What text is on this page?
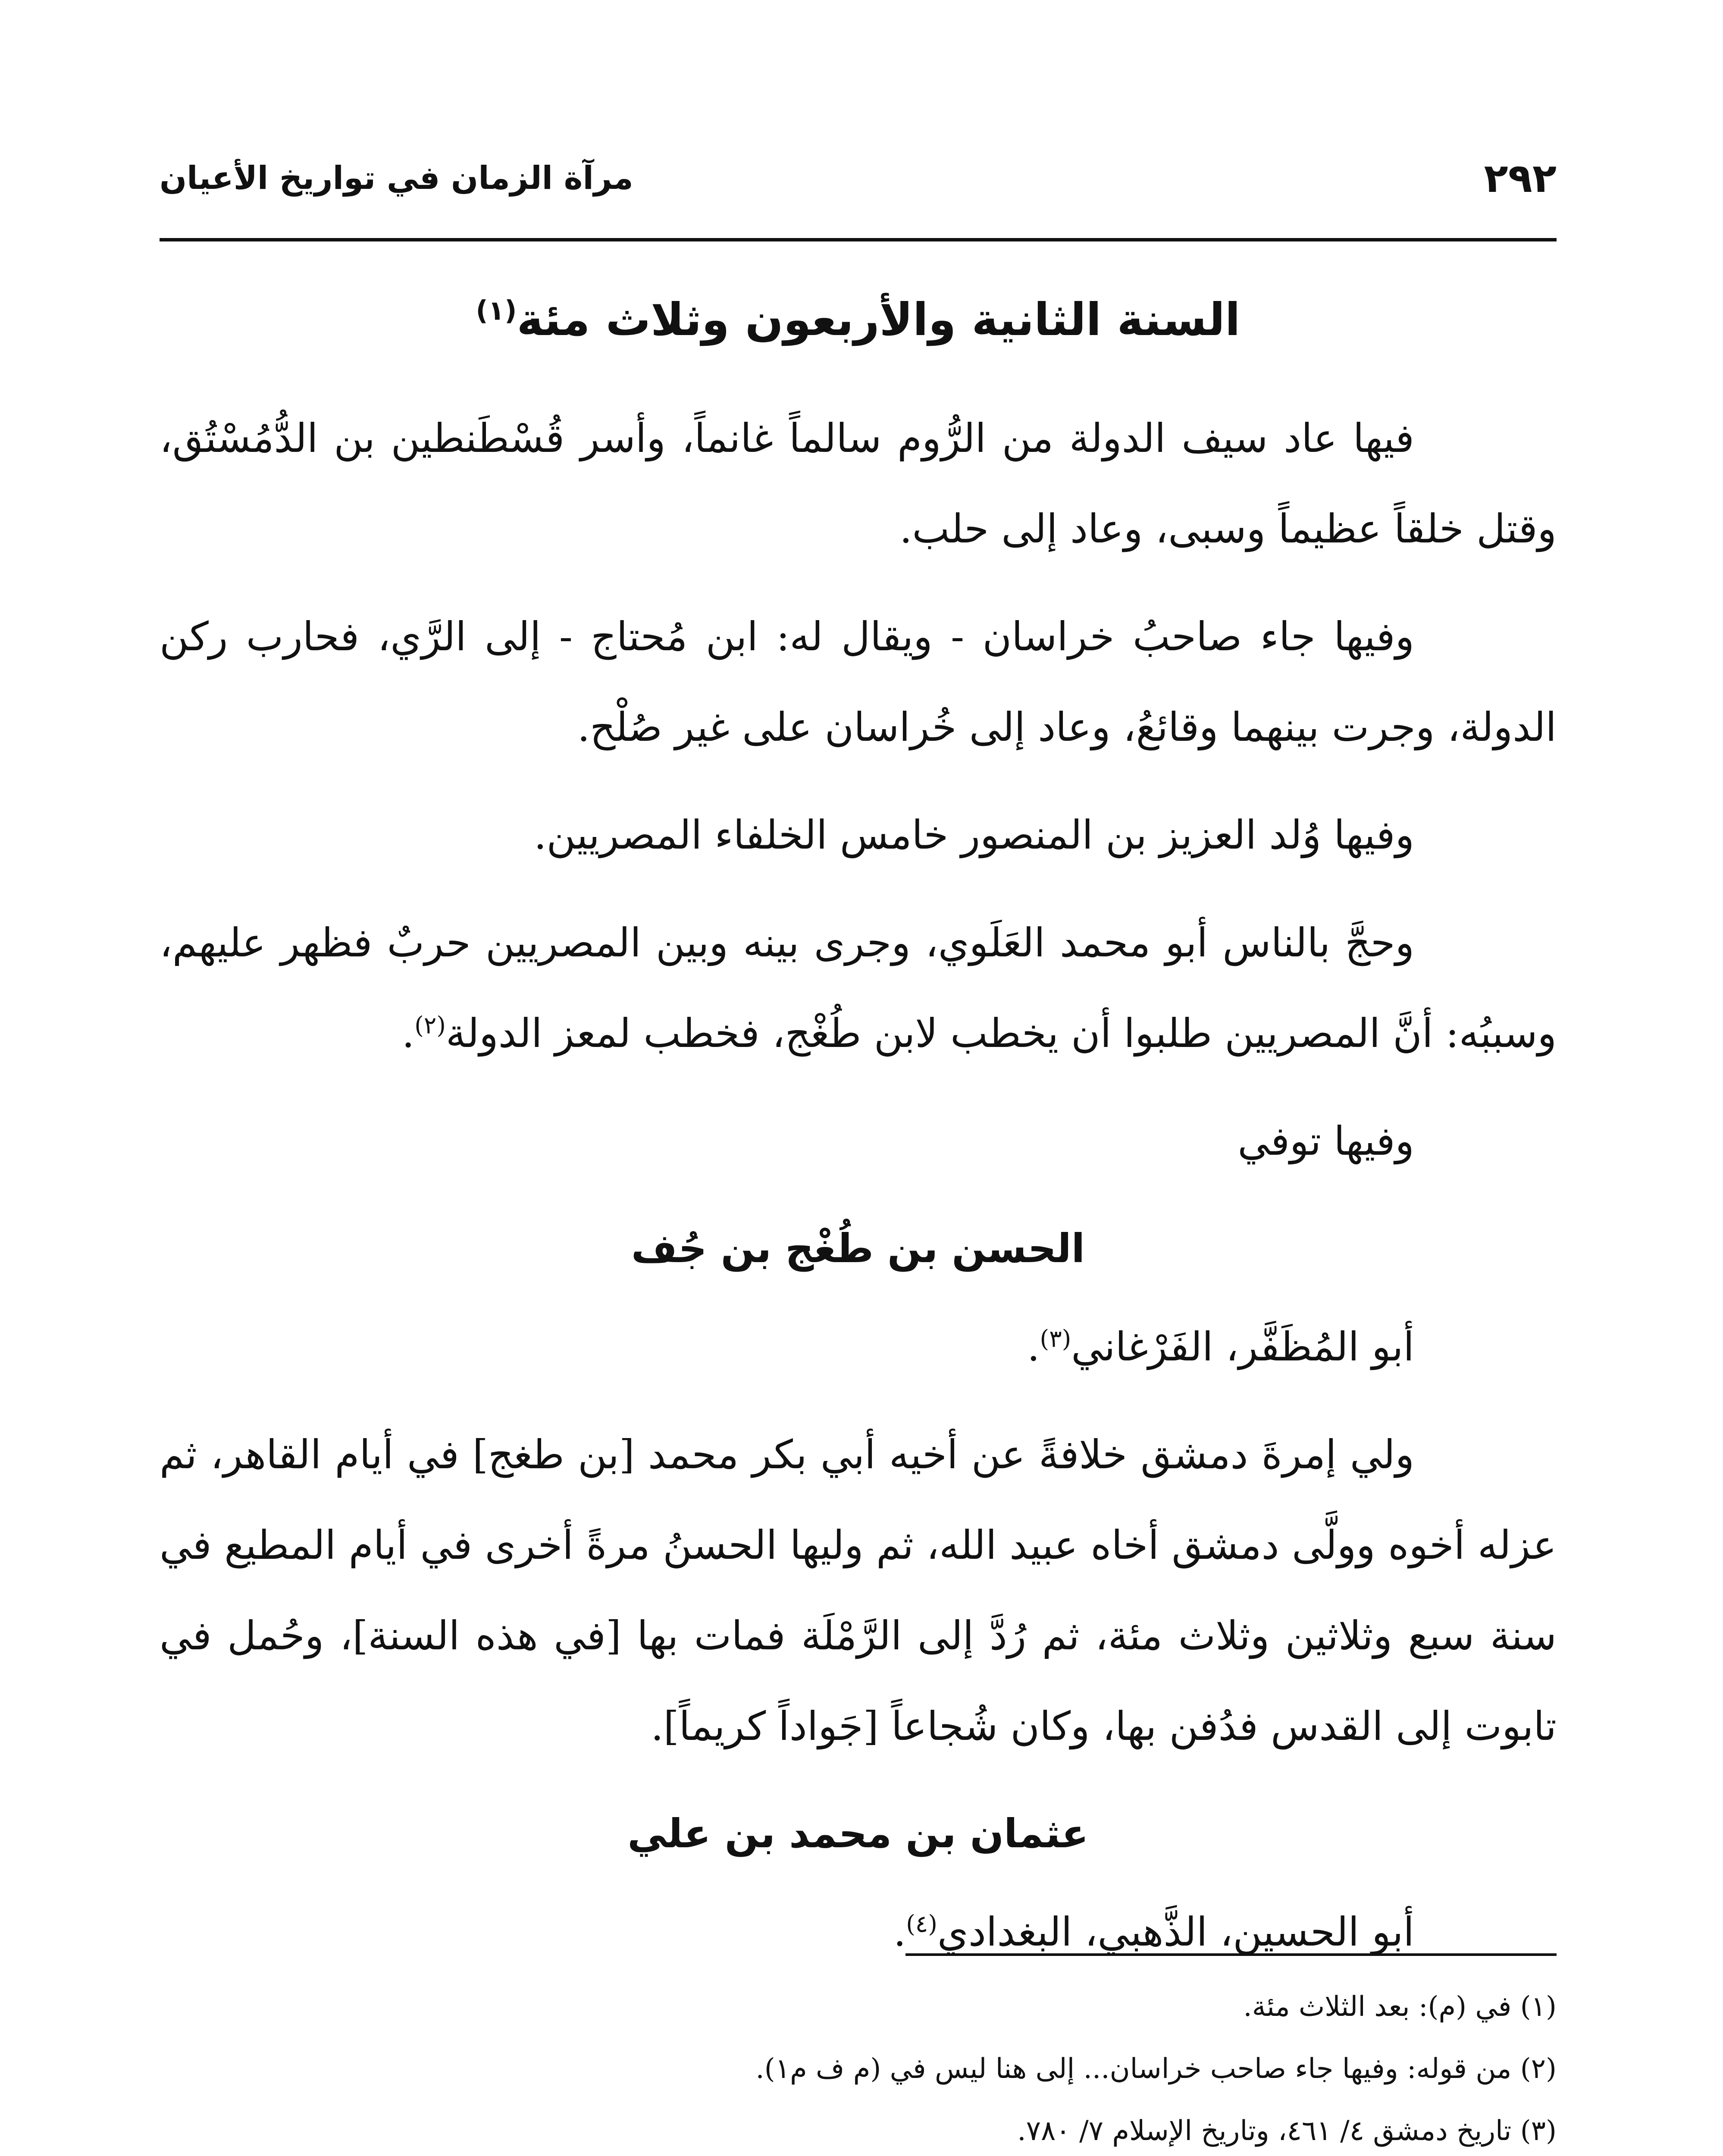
٢٩٢
مرآة الزمان في تواريخ الأعيان
السنة الثانية والأربعون وثلاث مئة$^{(١)}$

فيها عاد سيف الدولة من الرُّوم سالماً غانماً، وأسر قُسْطَنطين بن الدُّمُسْتُق، وقتل خلقاً عظيماً وسبى، وعاد إلى حلب.

وفيها جاء صاحبُ خراسان - ويقال له: ابن مُحتاج - إلى الرَّي، فحارب ركن الدولة، وجرت بينهما وقائعُ، وعاد إلى خُراسان على غير صُلْح.

وفيها وُلد العزيز بن المنصور خامس الخلفاء المصريين.

وحجَّ بالناس أبو محمد العَلَوي، وجرى بينه وبين المصريين حربٌ فظهر عليهم، وسببُه: أنَّ المصريين طلبوا أن يخطب لابن طُغْج، فخطب لمعز الدولة$^{(٢)}$.

وفيها توفي

الحسن بن طُغْج بن جُف

أبو المُظَفَّر، الفَرْغاني$^{(٣)}$.

ولي إمرةَ دمشق خلافةً عن أخيه أبي بكر محمد [بن طغج] في أيام القاهر، ثم عزله أخوه وولَّى دمشق أخاه عبيد الله، ثم وليها الحسنُ مرةً أخرى في أيام المطيع في سنة سبع وثلاثين وثلاث مئة، ثم رُدَّ إلى الرَّمْلَة فمات بها [في هذه السنة]، وحُمل في تابوت إلى القدس فدُفن بها، وكان شُجاعاً [جَواداً كريماً].

عثمان بن محمد بن علي

أبو الحسين، الذَّهبي، البغدادي$^{(٤)}$.

(١) في (م): بعد الثلاث مئة.

(٢) من قوله: وفيها جاء صاحب خراسان... إلى هنا ليس في (م ف م١).

(٣) تاريخ دمشق ٤/ ٤٦١، وتاريخ الإسلام ٧/ ٧٨٠.
